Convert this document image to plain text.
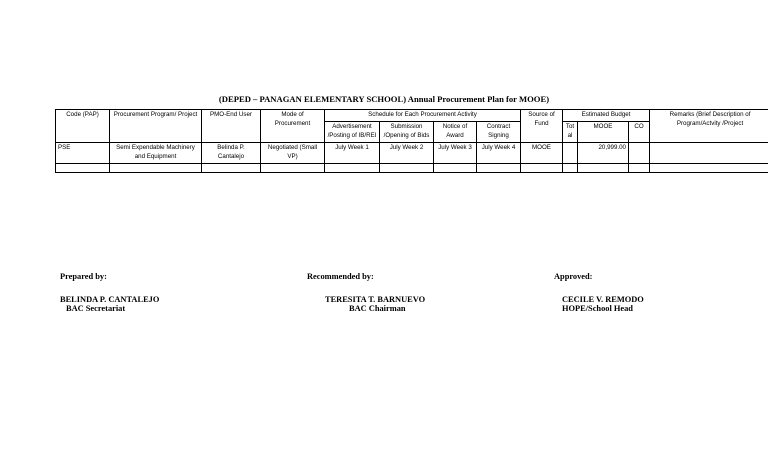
(DEPED – PANAGAN ELEMENTARY SCHOOL) Annual Procurement Plan for MOOE)
Code (PAP)	Procurement Program/ Project	PMO-End User	Mode of Procurement	Schedule for Each Procurement Activity				Source of Fund	Estimated Budget			Remarks (Brief Description of Program/Actvity /Project
				Advertisement /Posting of IB/REI	Submission /Opening of Bids	Notice of Award	Contract Signing		Tot al	MOOE	CO	
PSE	Semi Expendable Machinery and Equipment	Belinda P. Cantalejo	Negotiated (Small VP)	July Week 1	July Week 2	July Week 3	July Week 4	MOOE		20,999.00		

Prepared by:
BELINDA P. CANTALEJO
BAC Secretariat
Recommended by:
TERESITA T. BARNUEVO
BAC Chairman
Approved:
CECILE V. REMODO
HOPE/School Head
